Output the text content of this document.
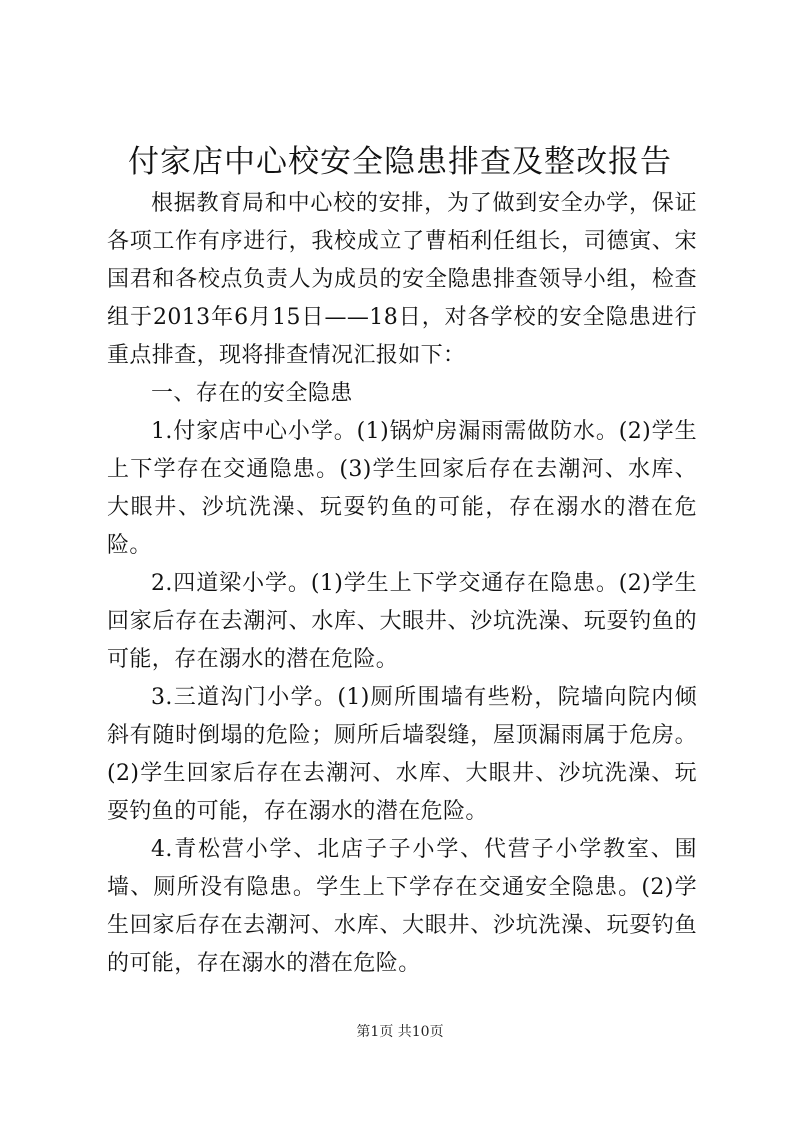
付家店中心校安全隐患排查及整改报告

根据教育局和中心校的安排，为了做到安全办学，保证各项工作有序进行，我校成立了曹栢利任组长，司德寅、宋国君和各校点负责人为成员的安全隐患排查领导小组，检查组于2013年6月15日——18日，对各学校的安全隐患进行重点排查，现将排查情况汇报如下：

一、存在的安全隐患

1.付家店中心小学。(1)锅炉房漏雨需做防水。(2)学生上下学存在交通隐患。(3)学生回家后存在去潮河、水库、大眼井、沙坑洗澡、玩耍钓鱼的可能，存在溺水的潜在危险。

2.四道梁小学。(1)学生上下学交通存在隐患。(2)学生回家后存在去潮河、水库、大眼井、沙坑洗澡、玩耍钓鱼的可能，存在溺水的潜在危险。

3.三道沟门小学。(1)厕所围墙有些粉，院墙向院内倾斜有随时倒塌的危险；厕所后墙裂缝，屋顶漏雨属于危房。(2)学生回家后存在去潮河、水库、大眼井、沙坑洗澡、玩耍钓鱼的可能，存在溺水的潜在危险。

4.青松营小学、北店子子小学、代营子小学教室、围墙、厕所没有隐患。学生上下学存在交通安全隐患。(2)学生回家后存在去潮河、水库、大眼井、沙坑洗澡、玩耍钓鱼的可能，存在溺水的潜在危险。

第1页 共10页
